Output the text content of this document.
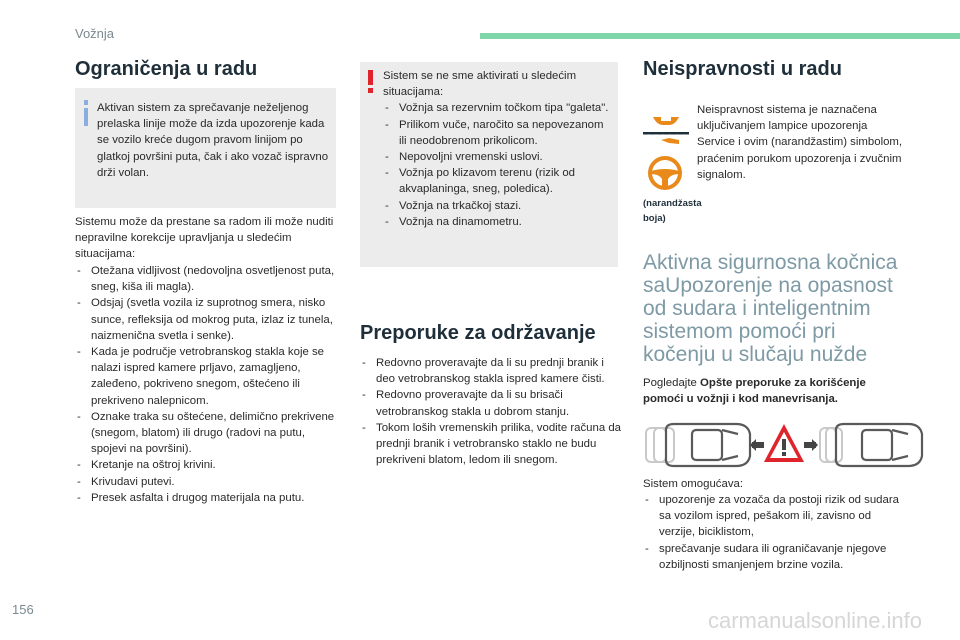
Vožnja
Ograničenja u radu

Aktivan sistem za sprečavanje neželjenog prelaska linije može da izda upozorenje kada se vozilo kreće dugom pravom linijom po glatkoj površini puta, čak i ako vozač ispravno drži volan.

Sistemu može da prestane sa radom ili može nuditi nepravilne korekcije upravljanja u sledećim situacijama:

- Otežana vidljivost (nedovoljna osvetljenost puta, sneg, kiša ili magla).
- Odsjaj (svetla vozila iz suprotnog smera, nisko sunce, refleksija od mokrog puta, izlaz iz tunela, naizmenična svetla i senke).
- Kada je područje vetrobranskog stakla koje se nalazi ispred kamere prljavo, zamagljeno, zaleđeno, pokriveno snegom, oštećeno ili prekriveno nalepnicom.
- Oznake traka su oštećene, delimično prekrivene (snegom, blatom) ili drugo (radovi na putu, spojevi na površini).
- Kretanje na oštroj krivini.
- Krivudavi putevi.
- Presek asfalta i drugog materijala na putu.

Sistem se ne sme aktivirati u sledećim situacijama:

- Vožnja sa rezervnim točkom tipa "galeta".
- Prilikom vuče, naročito sa nepovezanom ili neodobrenom prikolicom.
- Nepovoljni vremenski uslovi.
- Vožnja po klizavom terenu (rizik od akvaplaninga, sneg, poledica).
- Vožnja na trkačkoj stazi.
- Vožnja na dinamometru.
Preporuke za održavanje
- Redovno proveravajte da li su prednji branik i deo vetrobranskog stakla ispred kamere čisti.
- Redovno proveravajte da li su brisači vetrobranskog stakla u dobrom stanju.
- Tokom loših vremenskih prilika, vodite računa da prednji branik i vetrobransko staklo ne budu prekriveni blatom, ledom ili snegom.
Neispravnosti u radu
(narandžasta boja)

Neispravnost sistema je naznačena uključivanjem lampice upozorenja Service i ovim (narandžastim) simbolom, praćenim porukom upozorenja i zvučnim signalom.

Aktivna sigurnosna kočnica saUpozorenje na opasnost od sudara i inteligentnim sistemom pomoći pri kočenju u slučaju nužde

Pogledajte Opšte preporuke za korišćenje pomoći u vožnji i kod manevrisanja.

Sistem omogućava:

- upozorenje za vozača da postoji rizik od sudara sa vozilom ispred, pešakom ili, zavisno od verzije, biciklistom,
- sprečavanje sudara ili ograničavanje njegove ozbiljnosti smanjenjem brzine vozila.
156	carmanualsonline.info
